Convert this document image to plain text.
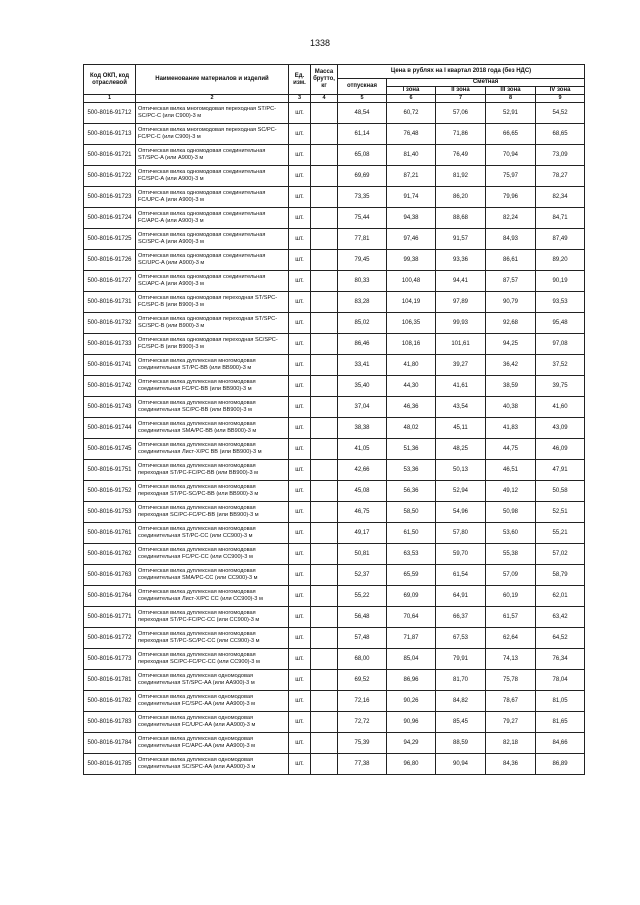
1338
Код ОКП, код отраслевой	Наименование материалов и изделий	Ед. изм.	Масса брутто, кг	Цена в рублях на I квартал 2018 года (без НДС)				
				отпускная	Сметная			
					I зона	II зона	III зона	IV зона
1	2	3	4	5	6	7	8	9
500-8016-91712	Оптическая вилка многомодовая переходная ST/PC-SC/PC-C (или C900)-3 м	шт.		48,54	60,72	57,06	52,91	54,52
500-8016-91713	Оптическая вилка многомодовая переходная SC/PC-FC/PC-C (или C900)-3 м	шт.		61,14	76,48	71,86	66,65	68,65
500-8016-91721	Оптическая вилка одномодовая соединительная ST/SPC-A (или A900)-3 м	шт.		65,08	81,40	76,49	70,94	73,09
500-8016-91722	Оптическая вилка одномодовая соединительная FC/SPC-A (или A900)-3 м	шт.		69,69	87,21	81,92	75,97	78,27
500-8016-91723	Оптическая вилка одномодовая соединительная FC/UPC-A (или A900)-3 м	шт.		73,35	91,74	86,20	79,96	82,34
500-8016-91724	Оптическая вилка одномодовая соединительная FC/APC-A (или A900)-3 м	шт.		75,44	94,38	88,68	82,24	84,71
500-8016-91725	Оптическая вилка одномодовая соединительная SC/SPC-A (или A900)-3 м	шт.		77,81	97,46	91,57	84,93	87,49
500-8016-91726	Оптическая вилка одномодовая соединительная SC/UPC-A (или A900)-3 м	шт.		79,45	99,38	93,36	86,61	89,20
500-8016-91727	Оптическая вилка одномодовая соединительная SC/APC-A (или A900)-3 м	шт.		80,33	100,48	94,41	87,57	90,19
500-8016-91731	Оптическая вилка одномодовая переходная ST/SPC-FC/SPC-B (или B900)-3 м	шт.		83,28	104,19	97,89	90,79	93,53
500-8016-91732	Оптическая вилка одномодовая переходная ST/SPC-SC/SPC-B (или B900)-3 м	шт.		85,02	106,35	99,93	92,68	95,48
500-8016-91733	Оптическая вилка одномодовая переходная SC/SPC-FC/SPC-B (или B900)-3 м	шт.		86,46	108,16	101,61	94,25	97,08
500-8016-91741	Оптическая вилка дуплексная многомодовая соединительная ST/PC-BB (или BB900)-3 м	шт.		33,41	41,80	39,27	36,42	37,52
500-8016-91742	Оптическая вилка дуплексная многомодовая соединительная FC/PC-BB (или BB900)-3 м	шт.		35,40	44,30	41,61	38,59	39,75
500-8016-91743	Оптическая вилка дуплексная многомодовая соединительная SC/PC-BB (или BB900)-3 м	шт.		37,04	46,36	43,54	40,38	41,60
500-8016-91744	Оптическая вилка дуплексная многомодовая соединительная SMA/PC-BB (или BB900)-3 м	шт.		38,38	48,02	45,11	41,83	43,09
500-8016-91745	Оптическая вилка дуплексная многомодовая соединительная Лист-X/PC BB (или BB900)-3 м	шт.		41,05	51,36	48,25	44,75	46,09
500-8016-91751	Оптическая вилка дуплексная многомодовая переходная ST/PC-FC/PC-BB (или BB900)-3 м	шт.		42,66	53,36	50,13	46,51	47,91
500-8016-91752	Оптическая вилка дуплексная многомодовая переходная ST/PC-SC/PC-BB (или BB900)-3 м	шт.		45,08	56,36	52,94	49,12	50,58
500-8016-91753	Оптическая вилка дуплексная многомодовая переходная SC/PC-FC/PC-BB (или BB900)-3 м	шт.		46,75	58,50	54,96	50,98	52,51
500-8016-91761	Оптическая вилка дуплексная многомодовая соединительная ST/PC-CC (или CC900)-3 м	шт.		49,17	61,50	57,80	53,60	55,21
500-8016-91762	Оптическая вилка дуплексная многомодовая соединительная FC/PC-CC (или CC900)-3 м	шт.		50,81	63,53	59,70	55,38	57,02
500-8016-91763	Оптическая вилка дуплексная многомодовая соединительная SMA/PC-CC (или CC900)-3 м	шт.		52,37	65,59	61,54	57,09	58,79
500-8016-91764	Оптическая вилка дуплексная многомодовая соединительная Лист-X/PC CC (или CC900)-3 м	шт.		55,22	69,09	64,91	60,19	62,01
500-8016-91771	Оптическая вилка дуплексная многомодовая переходная ST/PC-FC/PC-CC (или CC900)-3 м	шт.		56,48	70,64	66,37	61,57	63,42
500-8016-91772	Оптическая вилка дуплексная многомодовая переходная ST/PC-SC/PC-CC (или CC900)-3 м	шт.		57,48	71,87	67,53	62,64	64,52
500-8016-91773	Оптическая вилка дуплексная многомодовая переходная SC/PC-FC/PC-CC (или CC900)-3 м	шт.		68,00	85,04	79,91	74,13	76,34
500-8016-91781	Оптическая вилка дуплексная одномодовая соединительная ST/SPC-AA (или AA900)-3 м	шт.		69,52	86,96	81,70	75,78	78,04
500-8016-91782	Оптическая вилка дуплексная одномодовая соединительная FC/SPC-AA (или AA900)-3 м	шт.		72,16	90,26	84,82	78,67	81,05
500-8016-91783	Оптическая вилка дуплексная одномодовая соединительная FC/UPC-AA (или AA900)-3 м	шт.		72,72	90,96	85,45	79,27	81,65
500-8016-91784	Оптическая вилка дуплексная одномодовая соединительная FC/APC-AA (или AA900)-3 м	шт.		75,39	94,29	88,59	82,18	84,66
500-8016-91785	Оптическая вилка дуплексная одномодовая соединительная SC/SPC-AA (или AA900)-3 м	шт.		77,38	96,80	90,94	84,36	86,89
